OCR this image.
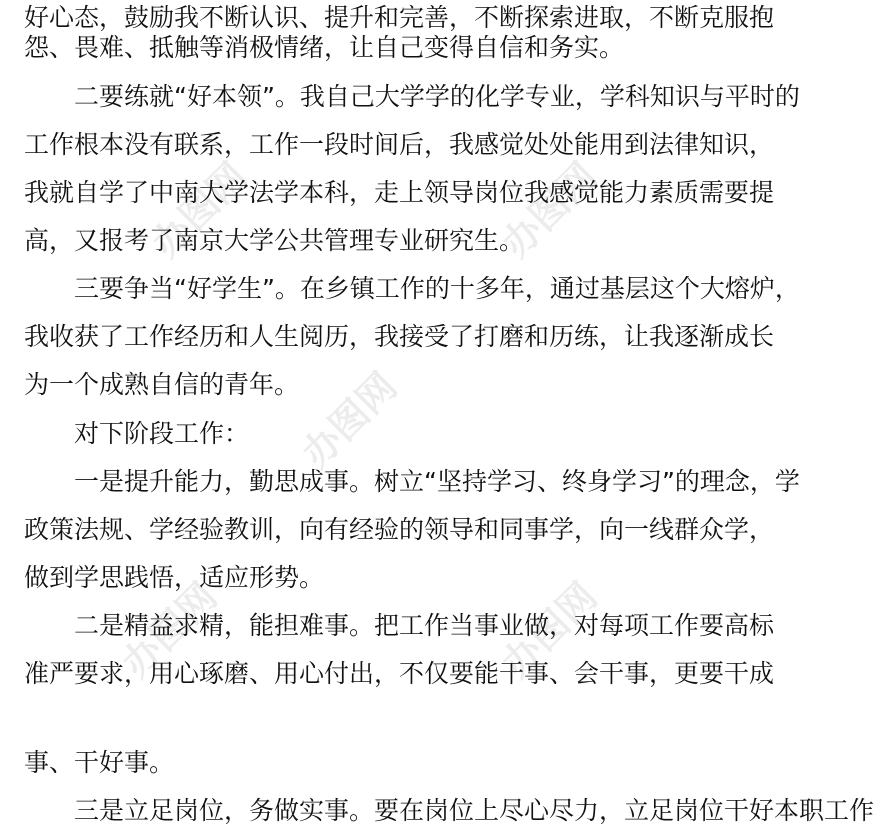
办图网	办图网
办图网
办图网	办图网
好心态，鼓励我不断认识、提升和完善，不断探索进取，不断克服抱
怨、畏难、抵触等消极情绪，让自己变得自信和务实。
二要练就“好本领”。我自己大学学的化学专业，学科知识与平时的
工作根本没有联系，工作一段时间后，我感觉处处能用到法律知识，
我就自学了中南大学法学本科，走上领导岗位我感觉能力素质需要提
高，又报考了南京大学公共管理专业研究生。
三要争当“好学生”。在乡镇工作的十多年，通过基层这个大熔炉，
我收获了工作经历和人生阅历，我接受了打磨和历练，让我逐渐成长
为一个成熟自信的青年。
对下阶段工作：
一是提升能力，勤思成事。树立“坚持学习、终身学习”的理念，学
政策法规、学经验教训，向有经验的领导和同事学，向一线群众学，
做到学思践悟，适应形势。
二是精益求精，能担难事。把工作当事业做，对每项工作要高标
准严要求，用心琢磨、用心付出，不仅要能干事、会干事，更要干成
事、干好事。
三是立足岗位，务做实事。要在岗位上尽心尽力，立足岗位干好本职工作
